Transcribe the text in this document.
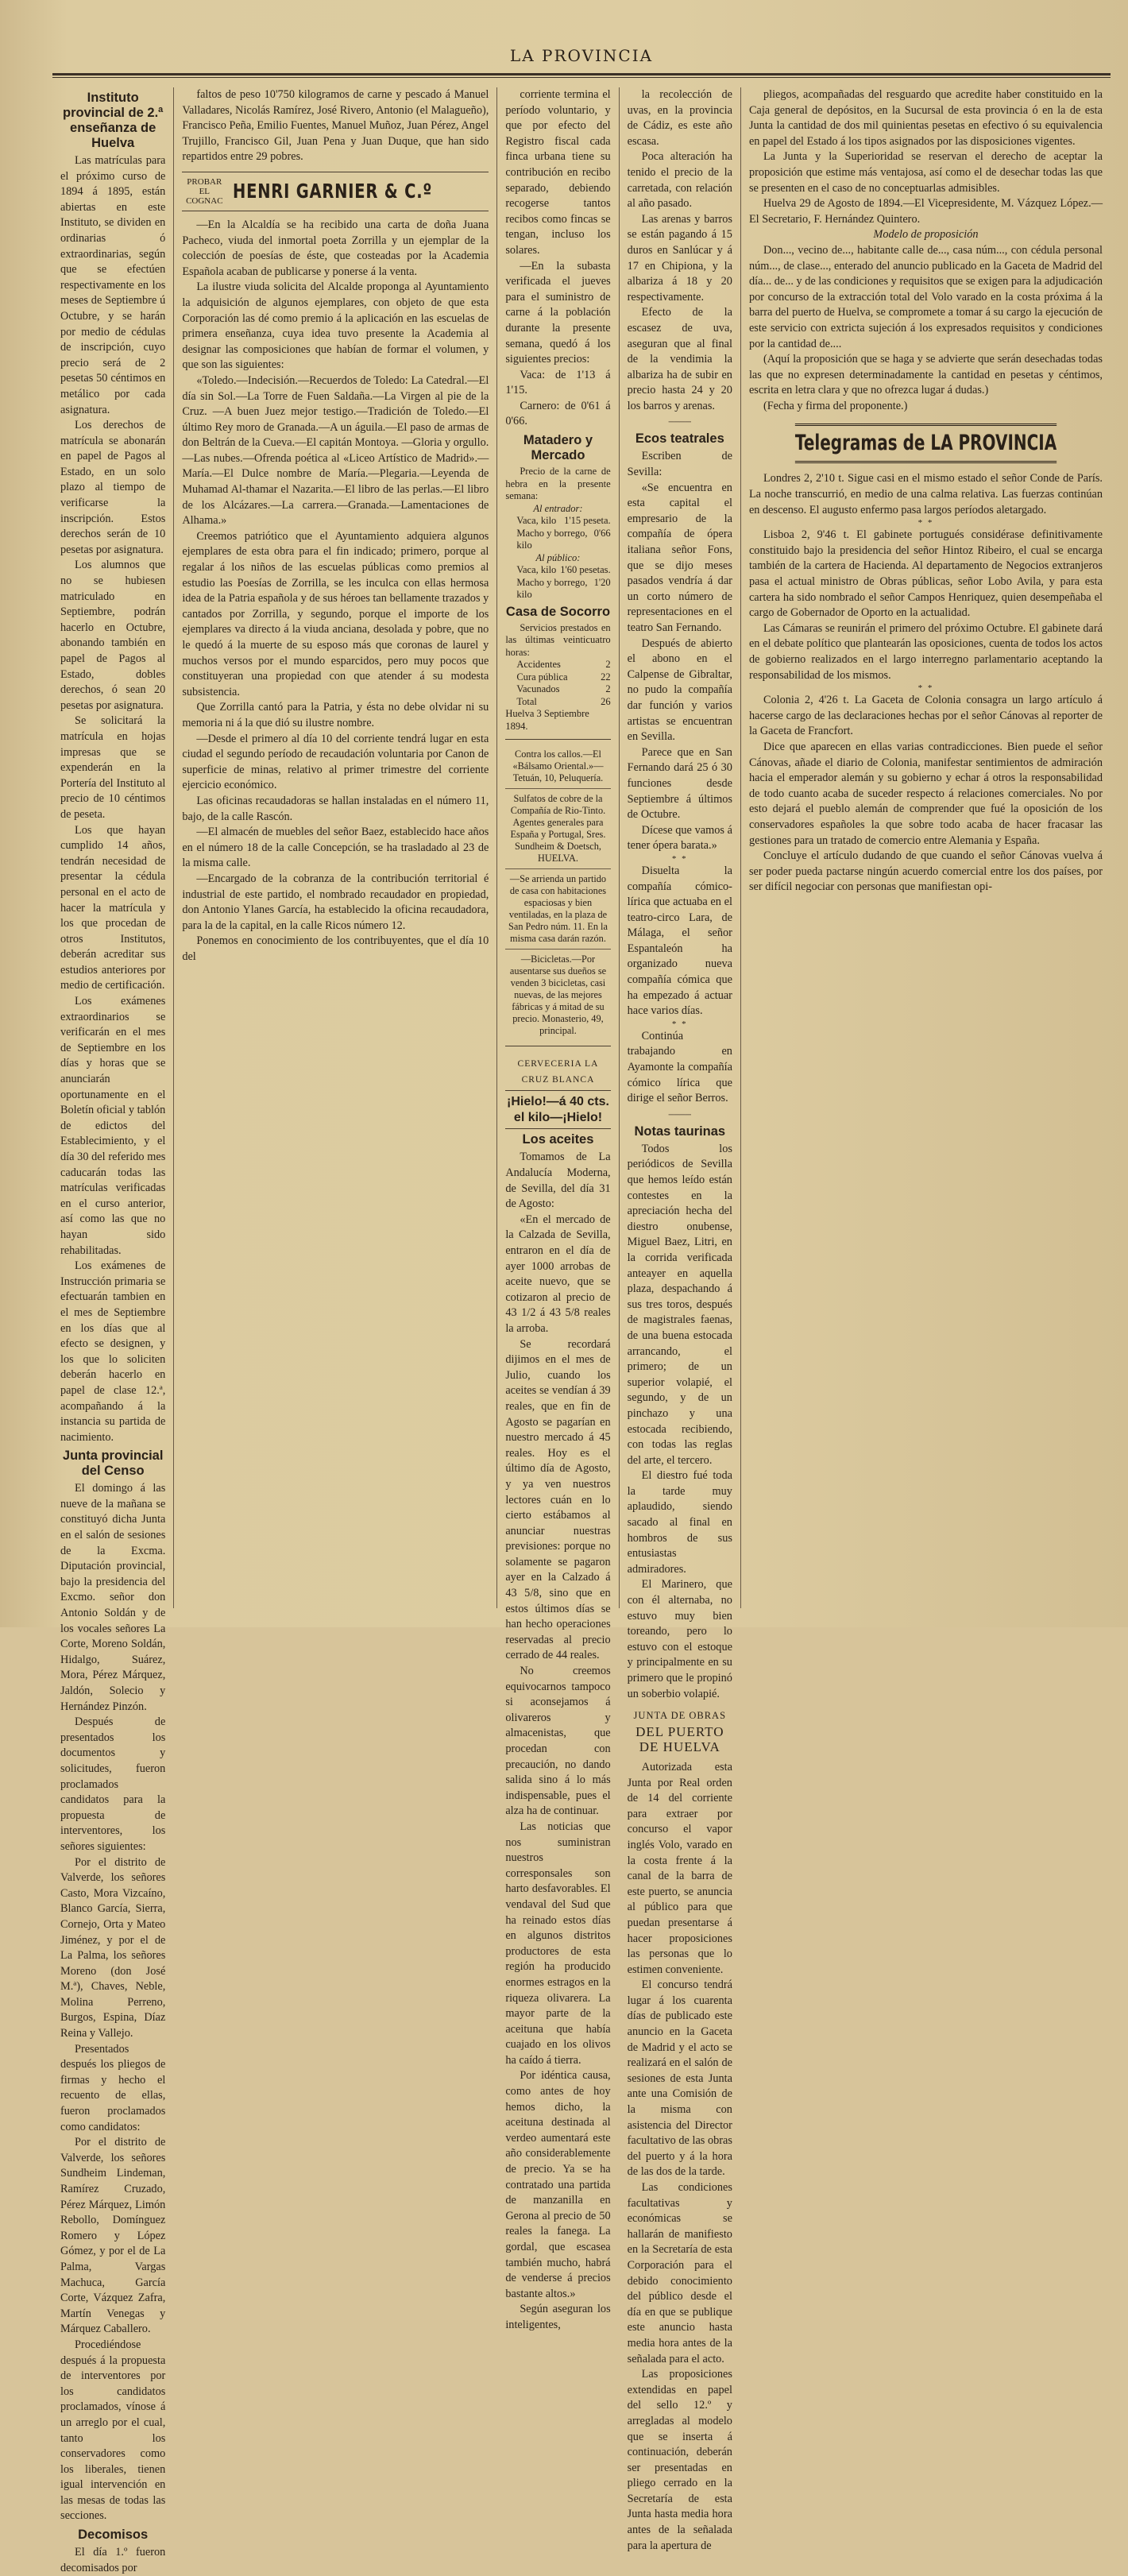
LA PROVINCIA
Instituto provincial de 2.ª enseñanza de Huelva

Las matrículas para el próximo curso de 1894 á 1895, están abiertas en este Instituto, se dividen en ordinarias ó extraordinarias, según que se efectúen respectivamente en los meses de Septiembre ú Octubre, y se harán por medio de cédulas de inscripción, cuyo precio será de 2 pesetas 50 céntimos en metálico por cada asignatura.

Los derechos de matrícula se abonarán en papel de Pagos al Estado, en un solo plazo al tiempo de verificarse la inscripción. Estos derechos serán de 10 pesetas por asignatura.

Los alumnos que no se hubiesen matriculado en Septiembre, podrán hacerlo en Octubre, abonando también en papel de Pagos al Estado, dobles derechos, ó sean 20 pesetas por asignatura.

Se solicitará la matrícula en hojas impresas que se expenderán en la Portería del Instituto al precio de 10 céntimos de peseta.

Los que hayan cumplido 14 años, tendrán necesidad de presentar la cédula personal en el acto de hacer la matrícula y los que procedan de otros Institutos, deberán acreditar sus estudios anteriores por medio de certificación.

Los exámenes extraordinarios se verificarán en el mes de Septiembre en los días y horas que se anunciarán oportunamente en el Boletín oficial y tablón de edictos del Establecimiento, y el día 30 del referido mes caducarán todas las matrículas verificadas en el curso anterior, así como las que no hayan sido rehabilitadas.

Los exámenes de Instrucción primaria se efectuarán tambien en el mes de Septiembre en los días que al efecto se designen, y los que lo soliciten deberán hacerlo en papel de clase 12.ª, acompañando á la instancia su partida de nacimiento.

Junta provincial del Censo

El domingo á las nueve de la mañana se constituyó dicha Junta en el salón de sesiones de la Excma. Diputación provincial, bajo la presidencia del Excmo. señor don Antonio Soldán y de los vocales señores La Corte, Moreno Soldán, Hidalgo, Suárez, Mora, Pérez Márquez, Jaldón, Solecio y Hernández Pinzón.

Después de presentados los documentos y solicitudes, fueron proclamados candidatos para la propuesta de interventores, los señores siguientes:

Por el distrito de Valverde, los señores Casto, Mora Vizcaíno, Blanco García, Sierra, Cornejo, Orta y Mateo Jiménez, y por el de La Palma, los señores Moreno (don José M.ª), Chaves, Neble, Molina Perreno, Burgos, Espina, Díaz Reina y Vallejo.

Presentados después los pliegos de firmas y hecho el recuento de ellas, fueron proclamados como candidatos:

Por el distrito de Valverde, los señores Sundheim Lindeman, Ramírez Cruzado, Pérez Márquez, Limón Rebollo, Domínguez Romero y López Gómez, y por el de La Palma, Vargas Machuca, García Corte, Vázquez Zafra, Martín Venegas y Márquez Caballero.

Procediéndose después á la propuesta de interventores por los candidatos proclamados, vínose á un arreglo por el cual, tanto los conservadores como los liberales, tienen igual intervención en las mesas de todas las secciones.

Decomisos

El día 1.º fueron decomisados por

faltos de peso 10'750 kilogramos de carne y pescado á Manuel Valladares, Nicolás Ramírez, José Rivero, Antonio (el Malagueño), Francisco Peña, Emilio Fuentes, Manuel Muñoz, Juan Pérez, Angel Trujillo, Francisco Gil, Juan Pena y Juan Duque, que han sido repartidos entre 29 pobres.

PROBAR EL COGNAC HENRI GARNIER & C.º

—En la Alcaldía se ha recibido una carta de doña Juana Pacheco, viuda del inmortal poeta Zorrilla y un ejemplar de la colección de poesías de éste, que costeadas por la Academia Española acaban de publicarse y ponerse á la venta.

La ilustre viuda solicita del Alcalde proponga al Ayuntamiento la adquisición de algunos ejemplares, con objeto de que esta Corporación las dé como premio á la aplicación en las escuelas de primera enseñanza, cuya idea tuvo presente la Academia al designar las composiciones que habían de formar el volumen, y que son las siguientes:

«Toledo.—Indecisión.—Recuerdos de Toledo: La Catedral.—El día sin Sol.—La Torre de Fuen Saldaña.—La Virgen al pie de la Cruz. —A buen Juez mejor testigo.—Tradición de Toledo.—El último Rey moro de Granada.—A un águila.—El paso de armas de don Beltrán de la Cueva.—El capitán Montoya. —Gloria y orgullo.—Las nubes.—Ofrenda poética al «Liceo Artístico de Madrid».—María.—El Dulce nombre de María.—Plegaria.—Leyenda de Muhamad Al-thamar el Nazarita.—El libro de las perlas.—El libro de los Alcázares.—La carrera.—Granada.—Lamentaciones de Alhama.»

Creemos patriótico que el Ayuntamiento adquiera algunos ejemplares de esta obra para el fin indicado; primero, porque al regalar á los niños de las escuelas públicas como premios al estudio las Poesías de Zorrilla, se les inculca con ellas hermosa idea de la Patria española y de sus héroes tan bellamente trazados y cantados por Zorrilla, y segundo, porque el importe de los ejemplares va directo á la viuda anciana, desolada y pobre, que no le quedó á la muerte de su esposo más que coronas de laurel y muchos versos por el mundo esparcidos, pero muy pocos que constituyeran una propiedad con que atender á su modesta subsistencia.

Que Zorrilla cantó para la Patria, y ésta no debe olvidar ni su memoria ni á la que dió su ilustre nombre.

—Desde el primero al día 10 del corriente tendrá lugar en esta ciudad el segundo período de recaudación voluntaria por Canon de superficie de minas, relativo al primer trimestre del corriente ejercicio económico.

Las oficinas recaudadoras se hallan instaladas en el número 11, bajo, de la calle Rascón.

—El almacén de muebles del señor Baez, establecido hace años en el número 18 de la calle Concepción, se ha trasladado al 23 de la misma calle.

—Encargado de la cobranza de la contribución territorial é industrial de este partido, el nombrado recaudador en propiedad, don Antonio Ylanes García, ha establecido la oficina recaudadora, para la de la capital, en la calle Ricos número 12.

Ponemos en conocimiento de los contribuyentes, que el día 10 del

corriente termina el período voluntario, y que por efecto del Registro fiscal cada finca urbana tiene su contribución en recibo separado, debiendo recogerse tantos recibos como fincas se tengan, incluso los solares.

—En la subasta verificada el jueves para el suministro de carne á la población durante la presente semana, quedó á los siguientes precios:

Vaca: de 1'13 á 1'15.

Carnero: de 0'61 á 0'66.

Matadero y Mercado

Precio de la carne de hebra en la presente semana:

Al entrador:
Vaca, kilo 1'15 peseta.
Macho y borrego, kilo
0'66
Al público:
Vaca, kilo 1'60 pesetas.
Macho y borrego, kilo
1'20
Casa de Socorro

Servicios prestados en las últimas veinticuatro horas:

Accidentes	2
Cura pública	22
Vacunados	2
Total	26
Huelva 3 Septiembre 1894.
Contra los callos.—El «Bálsamo Oriental.»—Tetuán, 10, Peluquería.
Sulfatos de cobre de la Compañía de Rio-Tinto. Agentes generales para España y Portugal, Sres. Sundheim & Doetsch, HUELVA.
—Se arrienda un partido de casa con habitaciones espaciosas y bien ventiladas, en la plaza de San Pedro núm. 11. En la misma casa darán razón.
—Bicicletas.—Por ausentarse sus dueños se venden 3 bicicletas, casi nuevas, de las mejores fábricas y á mitad de su precio. Monasterio, 49, principal.
CERVECERIA LA CRUZ BLANCA
¡Hielo!—á 40 cts. el kilo—¡Hielo!
Los aceites

Tomamos de La Andalucía Moderna, de Sevilla, del día 31 de Agosto:

«En el mercado de la Calzada de Sevilla, entraron en el día de ayer 1000 arrobas de aceite nuevo, que se cotizaron al precio de 43 1/2 á 43 5/8 reales la arroba.

Se recordará dijimos en el mes de Julio, cuando los aceites se vendían á 39 reales, que en fin de Agosto se pagarían en nuestro mercado á 45 reales. Hoy es el último día de Agosto, y ya ven nuestros lectores cuán en lo cierto estábamos al anunciar nuestras previsiones: porque no solamente se pagaron ayer en la Calzado á 43 5/8, sino que en estos últimos días se han hecho operaciones reservadas al precio cerrado de 44 reales.

No creemos equivocarnos tampoco si aconsejamos á olivareros y almacenistas, que procedan con precaución, no dando salida sino á lo más indispensable, pues el alza ha de continuar.

Las noticias que nos suministran nuestros corresponsales son harto desfavorables. El vendaval del Sud que ha reinado estos días en algunos distritos productores de esta región ha producido enormes estragos en la riqueza olivarera. La mayor parte de la aceituna que había cuajado en los olivos ha caído á tierra.

Por idéntica causa, como antes de hoy hemos dicho, la aceituna destinada al verdeo aumentará este año considerablemente de precio. Ya se ha contratado una partida de manzanilla en Gerona al precio de 50 reales la fanega. La gordal, que escasea también mucho, habrá de venderse á precios bastante altos.»

Según aseguran los inteligentes,

la recolección de uvas, en la provincia de Cádiz, es este año escasa.

Poca alteración ha tenido el precio de la carretada, con relación al año pasado.

Las arenas y barros se están pagando á 15 duros en Sanlúcar y á 17 en Chipiona, y la albariza á 18 y 20 respectivamente.

Efecto de la escasez de uva, aseguran que al final de la vendimia la albariza ha de subir en precio hasta 24 y 20 los barros y arenas.

────
Ecos teatrales

Escriben de Sevilla:

«Se encuentra en esta capital el empresario de la compañía de ópera italiana señor Fons, que se dijo meses pasados vendría á dar un corto número de representaciones en el teatro San Fernando.

Después de abierto el abono en el Calpense de Gibraltar, no pudo la compañía dar función y varios artistas se encuentran en Sevilla.

Parece que en San Fernando dará 25 ó 30 funciones desde Septiembre á últimos de Octubre.

Dícese que vamos á tener ópera barata.»

* *

Disuelta la compañía cómico-lírica que actuaba en el teatro-circo Lara, de Málaga, el señor Espantaleón ha organizado nueva compañía cómica que ha empezado á actuar hace varios días.

* *

Continúa trabajando en Ayamonte la compañía cómico lírica que dirige el señor Berros.

────
Notas taurinas

Todos los periódicos de Sevilla que hemos leído están contestes en la apreciación hecha del diestro onubense, Miguel Baez, Litri, en la corrida verificada anteayer en aquella plaza, despachando á sus tres toros, después de magistrales faenas, de una buena estocada arrancando, el primero; de un superior volapié, el segundo, y de un pinchazo y una estocada recibiendo, con todas las reglas del arte, el tercero.

El diestro fué toda la tarde muy aplaudido, siendo sacado al final en hombros de sus entusiastas admiradores.

El Marinero, que con él alternaba, no estuvo muy bien toreando, pero lo estuvo con el estoque y principalmente en su primero que le propinó un soberbio volapié.

JUNTA DE OBRAS
DEL PUERTO DE HUELVA

Autorizada esta Junta por Real orden de 14 del corriente para extraer por concurso el vapor inglés Volo, varado en la costa frente á la canal de la barra de este puerto, se anuncia al público para que puedan presentarse á hacer proposiciones las personas que lo estimen conveniente.

El concurso tendrá lugar á los cuarenta días de publicado este anuncio en la Gaceta de Madrid y el acto se realizará en el salón de sesiones de esta Junta ante una Comisión de la misma con asistencia del Director facultativo de las obras del puerto y á la hora de las dos de la tarde.

Las condiciones facultativas y económicas se hallarán de manifiesto en la Secretaría de esta Corporación para el debido conocimiento del público desde el día en que se publique este anuncio hasta media hora antes de la señalada para el acto.

Las proposiciones extendidas en papel del sello 12.º y arregladas al modelo que se inserta á continuación, deberán ser presentadas en pliego cerrado en la Secretaría de esta Junta hasta media hora antes de la señalada para la apertura de

pliegos, acompañadas del resguardo que acredite haber constituido en la Caja general de depósitos, en la Sucursal de esta provincia ó en la de esta Junta la cantidad de dos mil quinientas pesetas en efectivo ó su equivalencia en papel del Estado á los tipos asignados por las disposiciones vigentes.

La Junta y la Superioridad se reservan el derecho de aceptar la proposición que estime más ventajosa, así como el de desechar todas las que se presenten en el caso de no conceptuarlas admisibles.

Huelva 29 de Agosto de 1894.—El Vicepresidente, M. Vázquez López.—El Secretario, F. Hernández Quintero.

Modelo de proposición

Don..., vecino de..., habitante calle de..., casa núm..., con cédula personal núm..., de clase..., enterado del anuncio publicado en la Gaceta de Madrid del día... de... y de las condiciones y requisitos que se exigen para la adjudicación por concurso de la extracción total del Volo varado en la costa próxima á la barra del puerto de Huelva, se compromete a tomar á su cargo la ejecución de este servicio con extricta sujeción á los expresados requisitos y condiciones por la cantidad de....

(Aquí la proposición que se haga y se advierte que serán desechadas todas las que no expresen determinadamente la cantidad en pesetas y céntimos, escrita en letra clara y que no ofrezca lugar á dudas.)

(Fecha y firma del proponente.)

Telegramas de LA PROVINCIA

Londres 2, 2'10 t. Sigue casi en el mismo estado el señor Conde de París. La noche transcurrió, en medio de una calma relativa. Las fuerzas continúan en descenso. El augusto enfermo pasa largos períodos aletargado.

* *

Lisboa 2, 9'46 t. El gabinete portugués considérase definitivamente constituido bajo la presidencia del señor Hintoz Ribeiro, el cual se encarga también de la cartera de Hacienda. Al departamento de Negocios extranjeros pasa el actual ministro de Obras públicas, señor Lobo Avila, y para esta cartera ha sido nombrado el señor Campos Henriquez, quien desempeñaba el cargo de Gobernador de Oporto en la actualidad.

Las Cámaras se reunirán el primero del próximo Octubre. El gabinete dará en el debate político que plantearán las oposiciones, cuenta de todos los actos de gobierno realizados en el largo interregno parlamentario aceptando la responsabilidad de los mismos.

* *

Colonia 2, 4'26 t. La Gaceta de Colonia consagra un largo artículo á hacerse cargo de las declaraciones hechas por el señor Cánovas al reporter de la Gaceta de Francfort.

Dice que aparecen en ellas varias contradicciones. Bien puede el señor Cánovas, añade el diario de Colonia, manifestar sentimientos de admiración hacia el emperador alemán y su gobierno y echar á otros la responsabilidad de todo cuanto acaba de suceder respecto á relaciones comerciales. No por esto dejará el pueblo alemán de comprender que fué la oposición de los conservadores españoles la que sobre todo acaba de hacer fracasar las gestiones para un tratado de comercio entre Alemania y España.

Concluye el artículo dudando de que cuando el señor Cánovas vuelva á ser poder pueda pactarse ningún acuerdo comercial entre los dos países, por ser difícil negociar con personas que manifiestan opi-
